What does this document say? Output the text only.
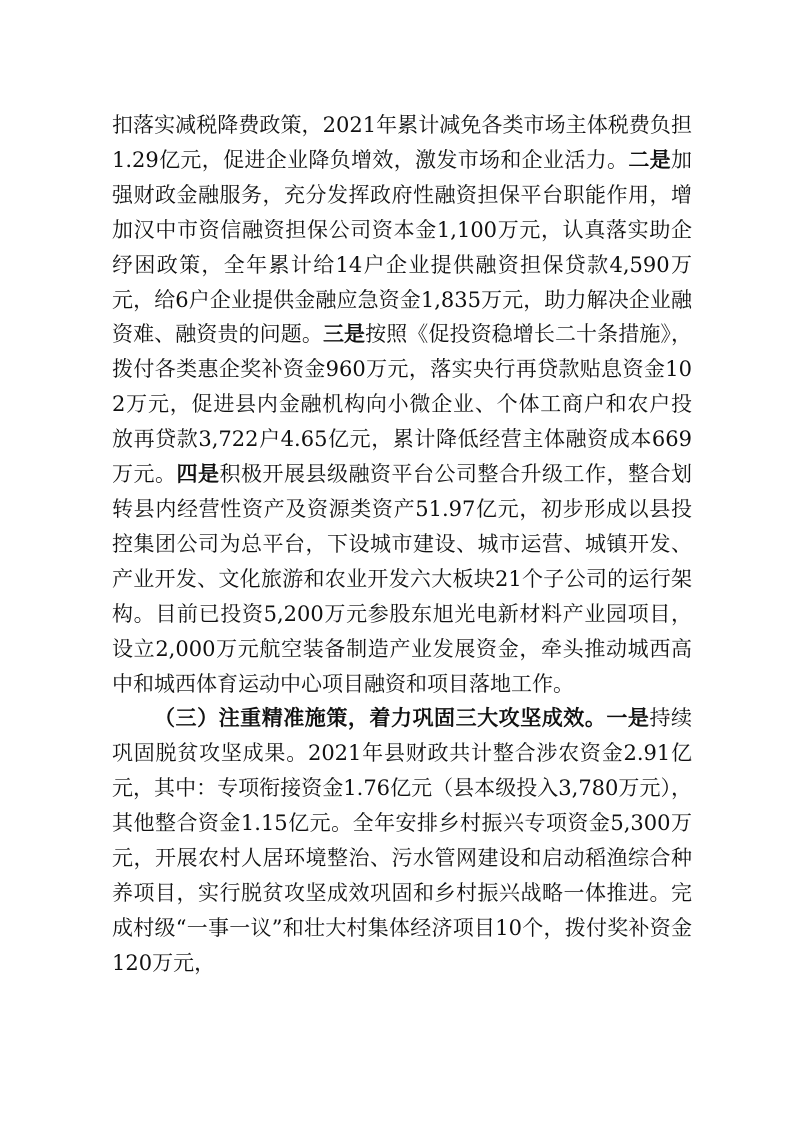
扣落实减税降费政策，2021年累计减免各类市场主体税费负担1.29亿元，促进企业降负增效，激发市场和企业活力。二是加强财政金融服务，充分发挥政府性融资担保平台职能作用，增加汉中市资信融资担保公司资本金1,100万元，认真落实助企纾困政策，全年累计给14户企业提供融资担保贷款4,590万元，给6户企业提供金融应急资金1,835万元，助力解决企业融资难、融资贵的问题。三是按照《促投资稳增长二十条措施》，拨付各类惠企奖补资金960万元，落实央行再贷款贴息资金102万元，促进县内金融机构向小微企业、个体工商户和农户投放再贷款3,722户4.65亿元，累计降低经营主体融资成本669万元。四是积极开展县级融资平台公司整合升级工作，整合划转县内经营性资产及资源类资产51.97亿元，初步形成以县投控集团公司为总平台，下设城市建设、城市运营、城镇开发、产业开发、文化旅游和农业开发六大板块21个子公司的运行架构。目前已投资5,200万元参股东旭光电新材料产业园项目，设立2,000万元航空装备制造产业发展资金，牵头推动城西高中和城西体育运动中心项目融资和项目落地工作。

（三）注重精准施策，着力巩固三大攻坚成效。一是持续巩固脱贫攻坚成果。2021年县财政共计整合涉农资金2.91亿元，其中：专项衔接资金1.76亿元（县本级投入3,780万元），其他整合资金1.15亿元。全年安排乡村振兴专项资金5,300万元，开展农村人居环境整治、污水管网建设和启动稻渔综合种养项目，实行脱贫攻坚成效巩固和乡村振兴战略一体推进。完成村级“一事一议”和壮大村集体经济项目10个，拨付奖补资金120万元，
